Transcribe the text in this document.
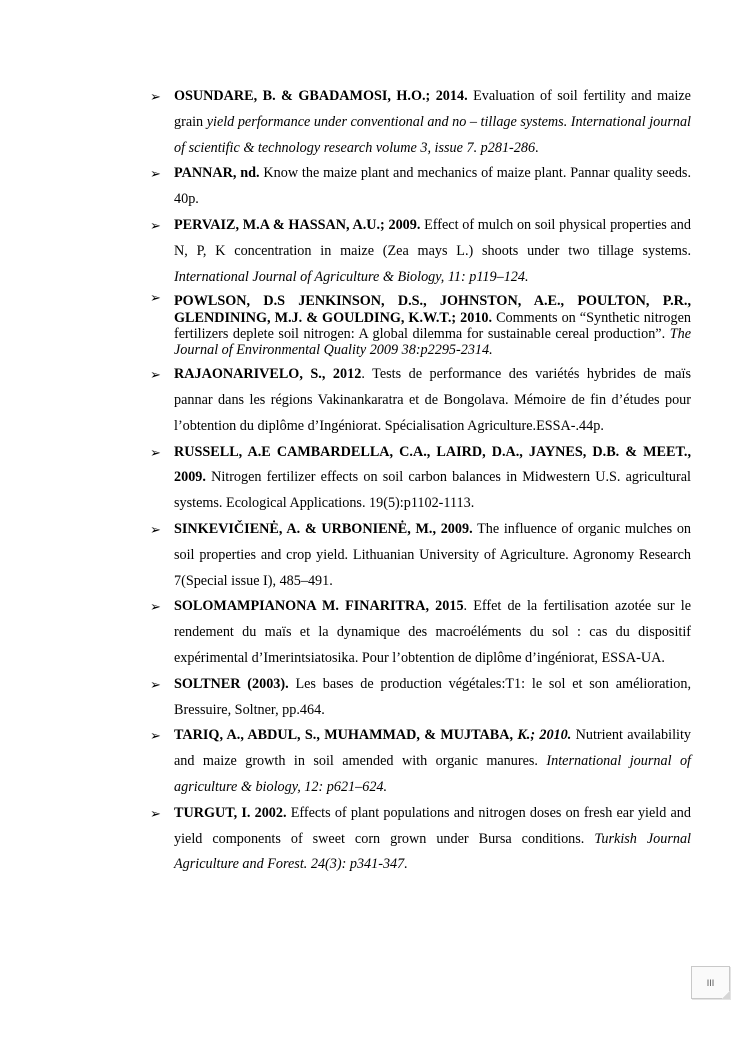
➢ OSUNDARE, B. & GBADAMOSI, H.O.; 2014. Evaluation of soil fertility and maize grain yield performance under conventional and no – tillage systems. International journal of scientific & technology research volume 3, issue 7. p281-286.
➢ PANNAR, nd. Know the maize plant and mechanics of maize plant. Pannar quality seeds. 40p.
➢ PERVAIZ, M.A & HASSAN, A.U.; 2009. Effect of mulch on soil physical properties and N, P, K concentration in maize (Zea mays L.) shoots under two tillage systems. International Journal of Agriculture & Biology, 11: p119–124.
➢ POWLSON, D.S JENKINSON, D.S., JOHNSTON, A.E., POULTON, P.R., GLENDINING, M.J. & GOULDING, K.W.T.; 2010. Comments on “Synthetic nitrogen fertilizers deplete soil nitrogen: A global dilemma for sustainable cereal production”. The Journal of Environmental Quality 2009 38:p2295-2314.
➢ RAJAONARIVELO, S., 2012. Tests de performance des variétés hybrides de maïs pannar dans les régions Vakinankaratra et de Bongolava. Mémoire de fin d’études pour l’obtention du diplôme d’Ingéniorat. Spécialisation Agriculture.ESSA-.44p.
➢ RUSSELL, A.E CAMBARDELLA, C.A., LAIRD, D.A., JAYNES, D.B. & MEET., 2009. Nitrogen fertilizer effects on soil carbon balances in Midwestern U.S. agricultural systems. Ecological Applications. 19(5):p1102-1113.
➢ SINKEVIČIENĖ, A. & URBONIENĖ, M., 2009. The influence of organic mulches on soil properties and crop yield. Lithuanian University of Agriculture. Agronomy Research 7(Special issue I), 485–491.
➢ SOLOMAMPIANONA M. FINARITRA, 2015. Effet de la fertilisation azotée sur le rendement du maïs et la dynamique des macroéléments du sol : cas du dispositif expérimental d’Imerintsiatosika. Pour l’obtention de diplôme d’ingéniorat, ESSA-UA.
➢ SOLTNER (2003). Les bases de production végétales:T1: le sol et son amélioration, Bressuire, Soltner, pp.464.
➢ TARIQ, A., ABDUL, S., MUHAMMAD, & MUJTABA, K.; 2010. Nutrient availability and maize growth in soil amended with organic manures. International journal of agriculture & biology, 12: p621–624.
➢ TURGUT, I. 2002. Effects of plant populations and nitrogen doses on fresh ear yield and yield components of sweet corn grown under Bursa conditions. Turkish Journal Agriculture and Forest. 24(3): p341-347.
III
